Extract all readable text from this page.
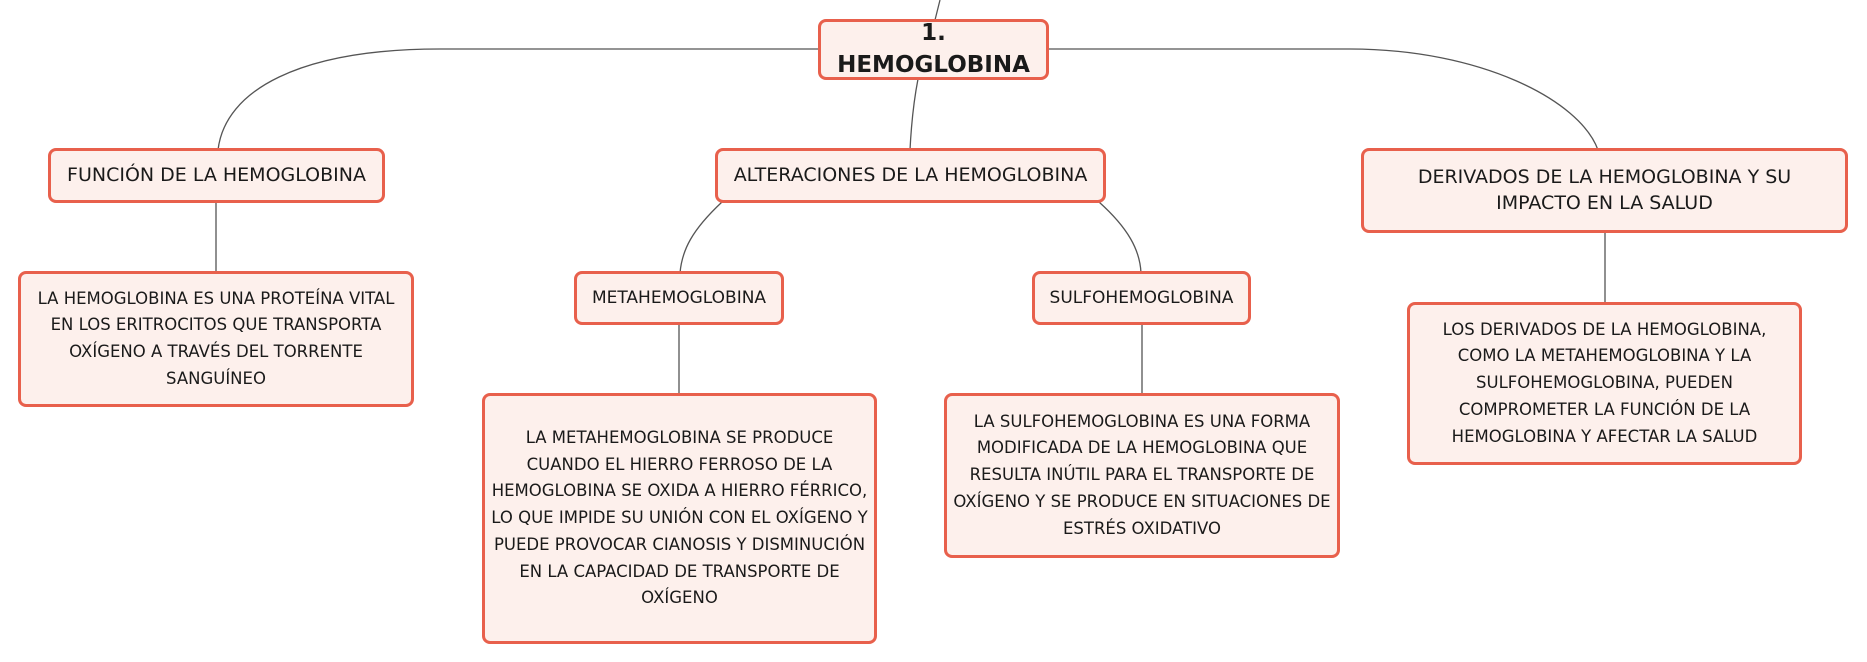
1. HEMOGLOBINA
FUNCIÓN DE LA HEMOGLOBINA
LA HEMOGLOBINA ES UNA PROTEÍNA VITAL EN LOS ERITROCITOS QUE TRANSPORTA OXÍGENO A TRAVÉS DEL TORRENTE SANGUÍNEO
ALTERACIONES DE LA HEMOGLOBINA
METAHEMOGLOBINA
LA METAHEMOGLOBINA SE PRODUCE CUANDO EL HIERRO FERROSO DE LA HEMOGLOBINA SE OXIDA A HIERRO FÉRRICO, LO QUE IMPIDE SU UNIÓN CON EL OXÍGENO Y PUEDE PROVOCAR CIANOSIS Y DISMINUCIÓN EN LA CAPACIDAD DE TRANSPORTE DE OXÍGENO
SULFOHEMOGLOBINA
LA SULFOHEMOGLOBINA ES UNA FORMA MODIFICADA DE LA HEMOGLOBINA QUE RESULTA INÚTIL PARA EL TRANSPORTE DE OXÍGENO Y SE PRODUCE EN SITUACIONES DE ESTRÉS OXIDATIVO
DERIVADOS DE LA HEMOGLOBINA Y SU IMPACTO EN LA SALUD
LOS DERIVADOS DE LA HEMOGLOBINA, COMO LA METAHEMOGLOBINA Y LA SULFOHEMOGLOBINA, PUEDEN COMPROMETER LA FUNCIÓN DE LA HEMOGLOBINA Y AFECTAR LA SALUD
